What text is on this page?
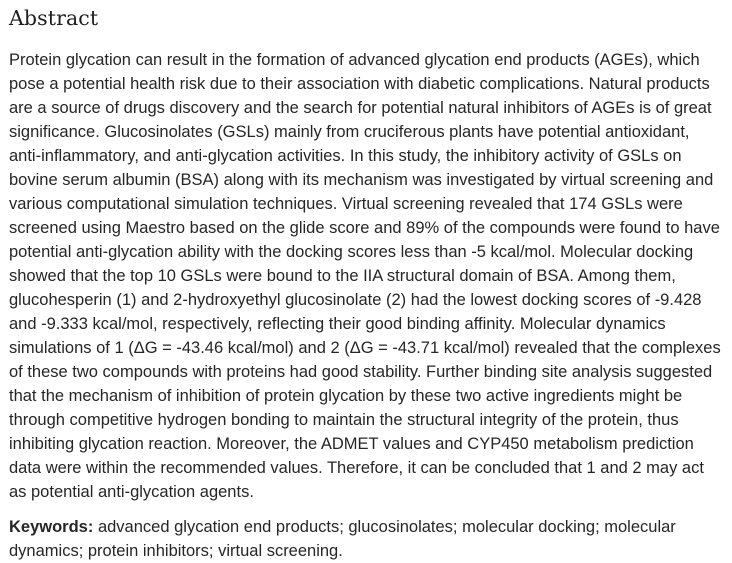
Abstract

Protein glycation can result in the formation of advanced glycation end products (AGEs), which pose a potential health risk due to their association with diabetic complications. Natural products are a source of drugs discovery and the search for potential natural inhibitors of AGEs is of great significance. Glucosinolates (GSLs) mainly from cruciferous plants have potential antioxidant, anti-inflammatory, and anti-glycation activities. In this study, the inhibitory activity of GSLs on bovine serum albumin (BSA) along with its mechanism was investigated by virtual screening and various computational simulation techniques. Virtual screening revealed that 174 GSLs were screened using Maestro based on the glide score and 89% of the compounds were found to have potential anti-glycation ability with the docking scores less than -5 kcal/mol. Molecular docking showed that the top 10 GSLs were bound to the IIA structural domain of BSA. Among them, glucohesperin (1) and 2-hydroxyethyl glucosinolate (2) had the lowest docking scores of -9.428 and -9.333 kcal/mol, respectively, reflecting their good binding affinity. Molecular dynamics simulations of 1 (ΔG = -43.46 kcal/mol) and 2 (ΔG = -43.71 kcal/mol) revealed that the complexes of these two compounds with proteins had good stability. Further binding site analysis suggested that the mechanism of inhibition of protein glycation by these two active ingredients might be through competitive hydrogen bonding to maintain the structural integrity of the protein, thus inhibiting glycation reaction. Moreover, the ADMET values and CYP450 metabolism prediction data were within the recommended values. Therefore, it can be concluded that 1 and 2 may act as potential anti-glycation agents.

Keywords: advanced glycation end products; glucosinolates; molecular docking; molecular dynamics; protein inhibitors; virtual screening.
